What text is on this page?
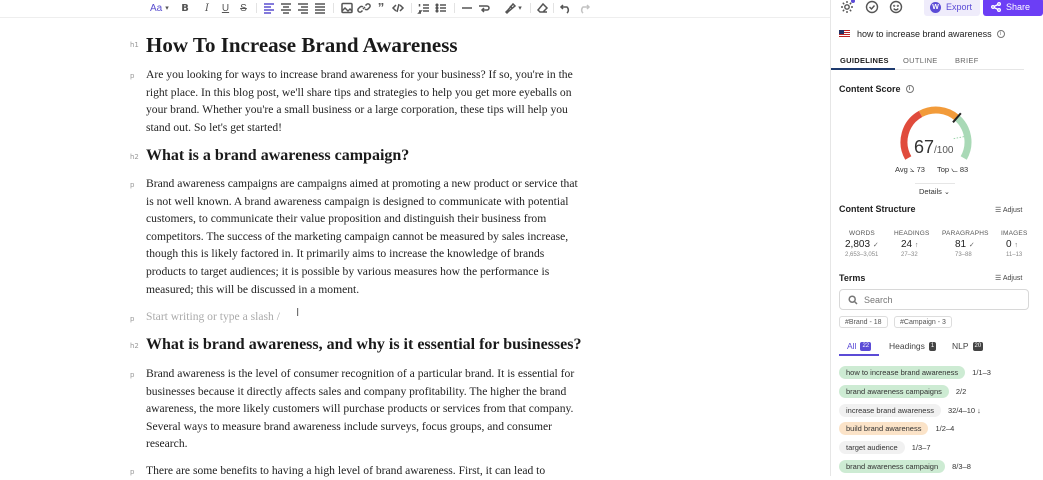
Aa ▾ B I U S	”	▾
h1 How To Increase Brand Awareness
p Are you looking for ways to increase brand awareness for your business? If so, you're in the
right place. In this blog post, we'll share tips and strategies to help you get more eyeballs on
your brand. Whether you're a small business or a large corporation, these tips will help you
stand out. So let's get started!
h2 What is a brand awareness campaign?
p Brand awareness campaigns are campaigns aimed at promoting a new product or service that
is not well known. A brand awareness campaign is designed to communicate with potential
customers, to communicate their value proposition and distinguish their business from
competitors. The success of the marketing campaign cannot be measured by sales increase,
though this is likely factored in. It primarily aims to increase the knowledge of brands
products to target audiences; it is possible by various measures how the performance is
measured; this will be discussed in a moment.
p Start writing or type a slash / I
h2 What is brand awareness, and why is it essential for businesses?
p Brand awareness is the level of consumer recognition of a particular brand. It is essential for
businesses because it directly affects sales and company profitability. The higher the brand
awareness, the more likely customers will purchase products or services from that company.
Several ways to measure brand awareness include surveys, focus groups, and consumer
research.
p There are some benefits to having a high level of brand awareness. First, it can lead to
W Export	Share
how to increase brand awareness	i
GUIDELINES OUTLINE BRIEF
Content Score	i
67/100
Avg ⦣ 73 Top ⦦ 83
Details ⌄
Content Structure	☰ Adjust
WORDS
2,803 ✓
2,653–3,051
HEADINGS
24 ↑
27–32
PARAGRAPHS
81 ✓
73–88
IMAGES
0 ↑
11–13
Terms	☰ Adjust
Search
#Brand - 18	#Campaign - 3
All	22 Headings	1 NLP	20
how to increase brand awareness	1/1–3
brand awareness campaigns	2/2
increase brand awareness	32/4–10 ↓
build brand awareness	1/2–4
target audience	1/3–7
brand awareness campaign	8/3–8
